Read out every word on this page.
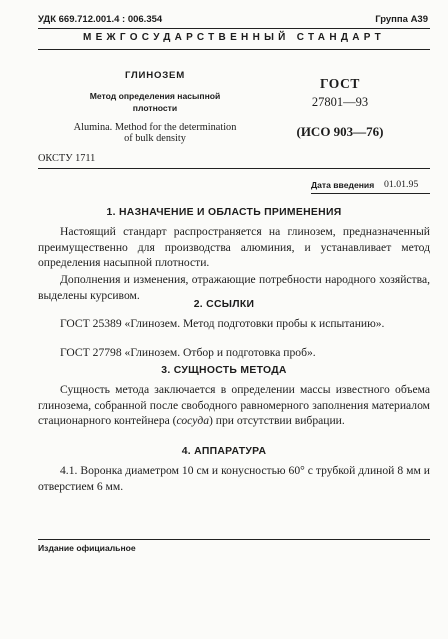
УДК 669.712.001.4 : 006.354	Группа А39
МЕЖГОСУДАРСТВЕННЫЙ СТАНДАРТ
ГЛИНОЗЕМ
Метод определения насыпной
плотности
Alumina. Method for the determination
of bulk density
ГОСТ
27801—93
(ИСО 903—76)
ОКСТУ 1711
Дата введения 01.01.95
1. НАЗНАЧЕНИЕ И ОБЛАСТЬ ПРИМЕНЕНИЯ
Настоящий стандарт распространяется на глинозем, предназначенный преимущественно для производства алюминия, и устанавливает метод определения насыпной плотности.
Дополнения и изменения, отражающие потребности народного хозяйства, выделены курсивом.
2. ССЫЛКИ
ГОСТ 25389 «Глинозем. Метод подготовки пробы к испытанию».
ГОСТ 27798 «Глинозем. Отбор и подготовка проб».
3. СУЩНОСТЬ МЕТОДА
Сущность метода заключается в определении массы известного объема глинозема, собранной после свободного равномерного заполнения материалом стационарного контейнера (сосуда) при отсутствии вибрации.
4. АППАРАТУРА
4.1. Воронка диаметром 10 см и конусностью 60° с трубкой длиной 8 мм и отверстием 6 мм.
Издание официальное
